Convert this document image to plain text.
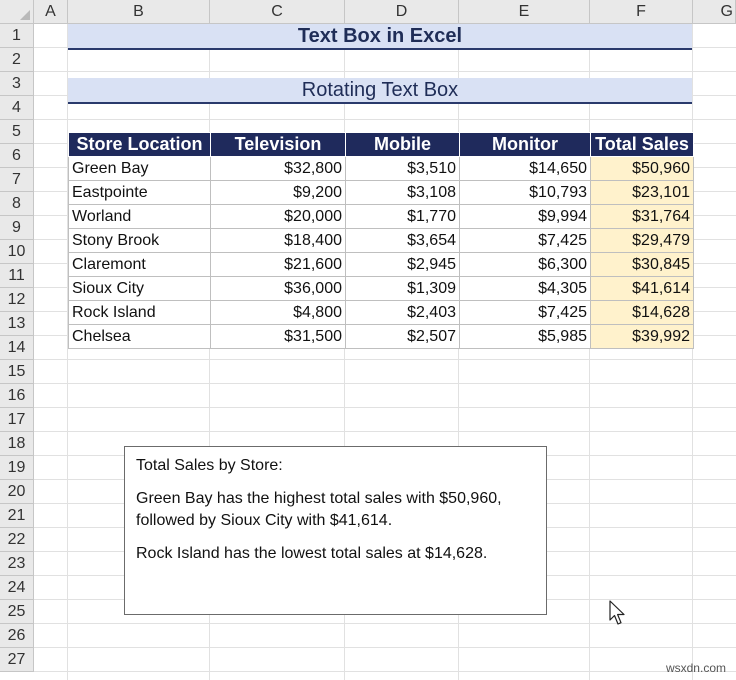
A	B	C	D	E	F	G
1
2
3
4
5
6
7
8
9
10
11
12
13
14
15
16
17
18
19
20
21
22
23
24
25
26
27
Text Box in Excel
Rotating Text Box
Store Location	Television	Mobile	Monitor	Total Sales
Green Bay	$32,800	$3,510	$14,650	$50,960
Eastpointe	$9,200	$3,108	$10,793	$23,101
Worland	$20,000	$1,770	$9,994	$31,764
Stony Brook	$18,400	$3,654	$7,425	$29,479
Claremont	$21,600	$2,945	$6,300	$30,845
Sioux City	$36,000	$1,309	$4,305	$41,614
Rock Island	$4,800	$2,403	$7,425	$14,628
Chelsea	$31,500	$2,507	$5,985	$39,992

Total Sales by Store:

Green Bay has the highest total sales with $50,960, followed by Sioux City with $41,614.

Rock Island has the lowest total sales at $14,628.

wsxdn.com
